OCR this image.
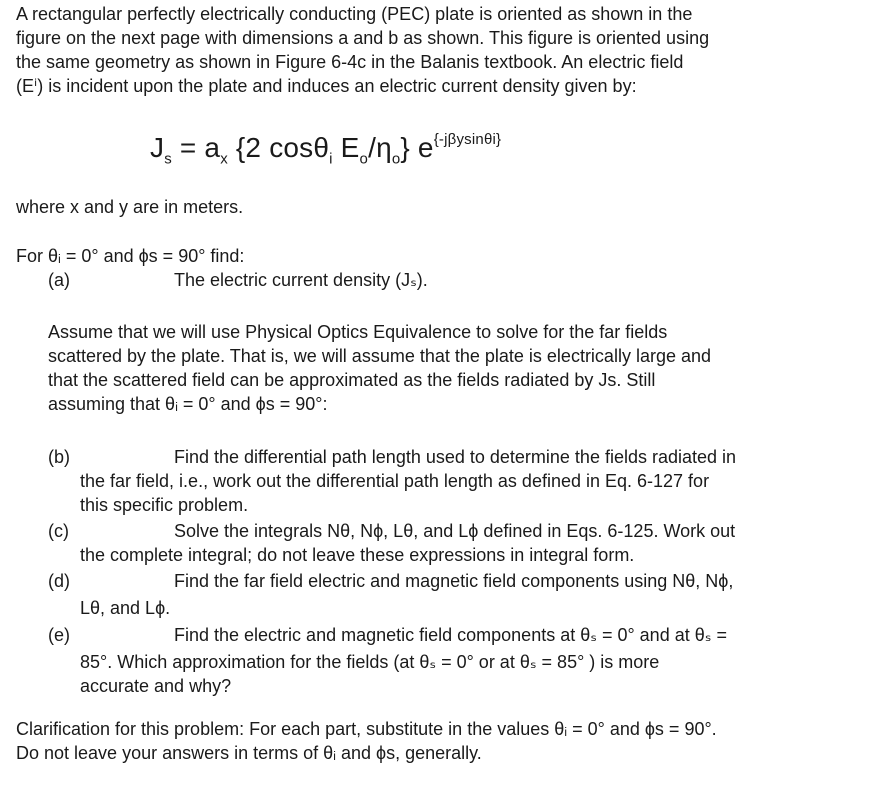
A rectangular perfectly electrically conducting (PEC) plate is oriented as shown in the
figure on the next page with dimensions a and b as shown. This figure is oriented using
the same geometry as shown in Figure 6-4c in the Balanis textbook. An electric field
(Eⁱ) is incident upon the plate and induces an electric current density given by:
$J_s = a_x$ {2 cosθ$_i$ $E_o/\eta_o$} $e^{\{-j\beta ysin\theta i\}}$
where x and y are in meters.
For θᵢ = 0° and ϕs = 90° find:
(a)	The electric current density (Jₛ).
Assume that we will use Physical Optics Equivalence to solve for the far fields
scattered by the plate. That is, we will assume that the plate is electrically large and
that the scattered field can be approximated as the fields radiated by Js. Still
assuming that θᵢ = 0° and ϕs = 90°:
(b)	Find the differential path length used to determine the fields radiated in
the far field, i.e., work out the differential path length as defined in Eq. 6-127 for
this specific problem.
(c)	Solve the integrals Nθ, Nϕ, Lθ, and Lϕ defined in Eqs. 6-125. Work out
the complete integral; do not leave these expressions in integral form.
(d)	Find the far field electric and magnetic field components using Nθ, Nϕ,
Lθ, and Lϕ.
(e)	Find the electric and magnetic field components at θₛ = 0° and at θₛ =
85°. Which approximation for the fields (at θₛ = 0° or at θₛ = 85° ) is more
accurate and why?
Clarification for this problem: For each part, substitute in the values θᵢ = 0° and ϕs = 90°.
Do not leave your answers in terms of θᵢ and ϕs, generally.
